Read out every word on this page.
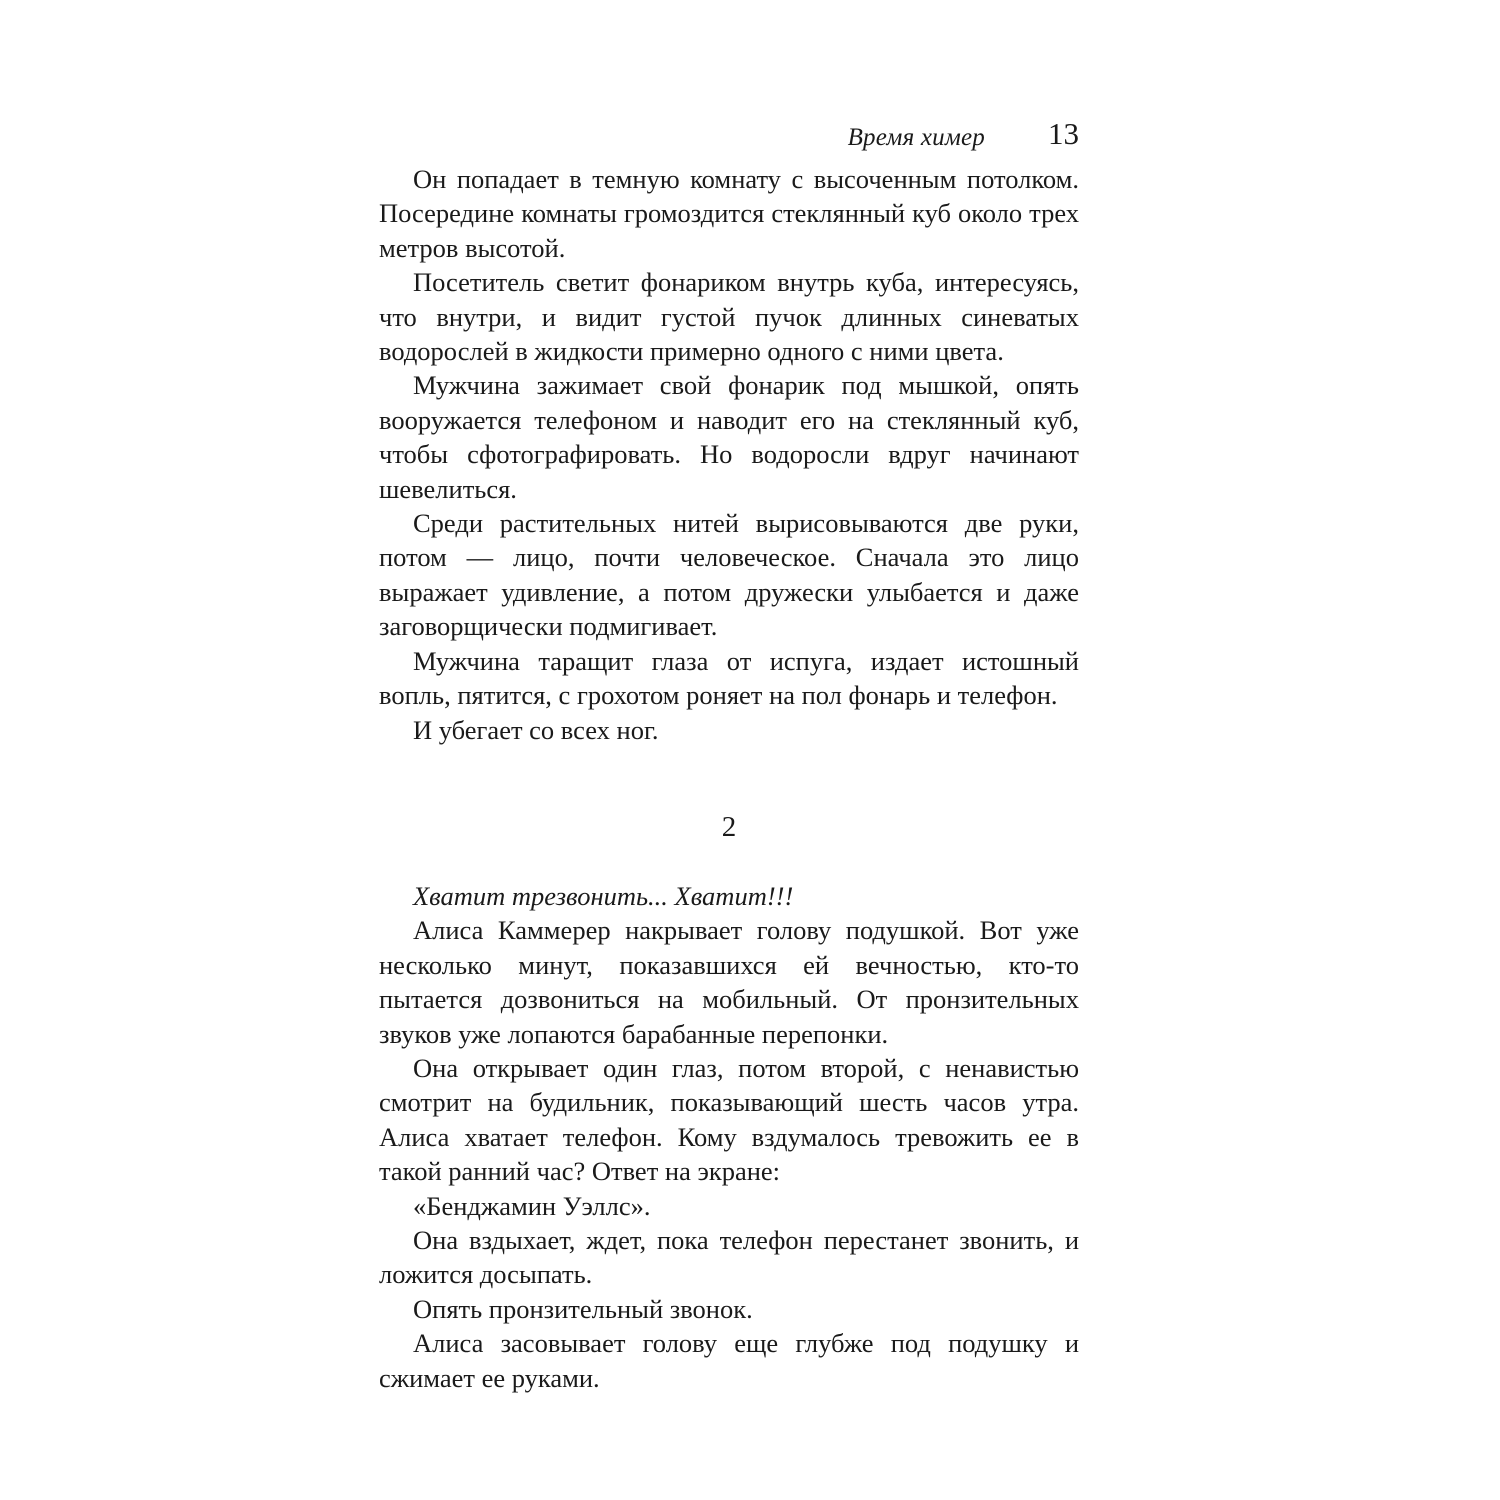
Время химер 13

Он попадает в темную комнату с высоченным потолком. Посередине комнаты громоздится стеклянный куб около трех метров высотой.

Посетитель светит фонариком внутрь куба, интересуясь, что внутри, и видит густой пучок длинных синеватых водорослей в жидкости примерно одного с ними цвета.

Мужчина зажимает свой фонарик под мышкой, опять вооружается телефоном и наводит его на стеклянный куб, чтобы сфотографировать. Но водоросли вдруг начинают шевелиться.

Среди растительных нитей вырисовываются две руки, потом — лицо, почти человеческое. Сначала это лицо выражает удивление, а потом дружески улыбается и даже заговорщически подмигивает.

Мужчина таращит глаза от испуга, издает истошный вопль, пятится, с грохотом роняет на пол фонарь и телефон.

И убегает со всех ног.

2

Хватит трезвонить... Хватит!!!

Алиса Каммерер накрывает голову подушкой. Вот уже несколько минут, показавшихся ей вечностью, кто-то пытается дозвониться на мобильный. От пронзительных звуков уже лопаются барабанные перепонки.

Она открывает один глаз, потом второй, с ненавистью смотрит на будильник, показывающий шесть часов утра. Алиса хватает телефон. Кому вздумалось тревожить ее в такой ранний час? Ответ на экране:

«Бенджамин Уэллс».

Она вздыхает, ждет, пока телефон перестанет звонить, и ложится досыпать.

Опять пронзительный звонок.

Алиса засовывает голову еще глубже под подушку и сжимает ее руками.
